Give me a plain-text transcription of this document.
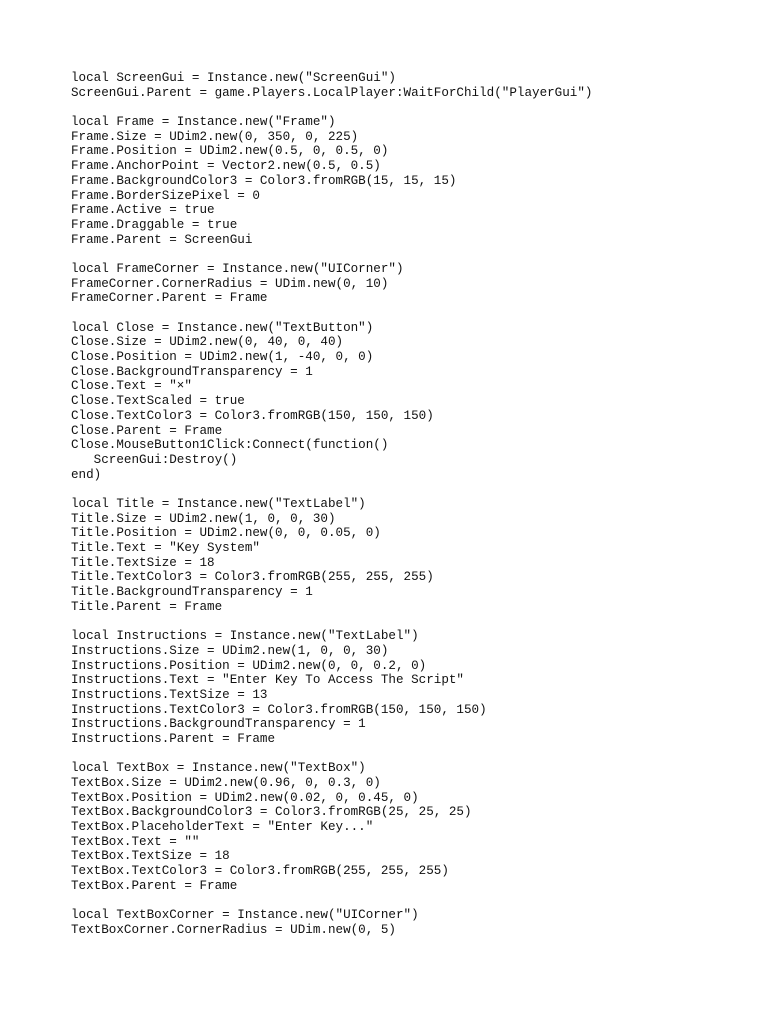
local ScreenGui = Instance.new("ScreenGui")
ScreenGui.Parent = game.Players.LocalPlayer:WaitForChild("PlayerGui")
local Frame = Instance.new("Frame")
Frame.Size = UDim2.new(0, 350, 0, 225)
Frame.Position = UDim2.new(0.5, 0, 0.5, 0)
Frame.AnchorPoint = Vector2.new(0.5, 0.5)
Frame.BackgroundColor3 = Color3.fromRGB(15, 15, 15)
Frame.BorderSizePixel = 0
Frame.Active = true
Frame.Draggable = true
Frame.Parent = ScreenGui
local FrameCorner = Instance.new("UICorner")
FrameCorner.CornerRadius = UDim.new(0, 10)
FrameCorner.Parent = Frame
local Close = Instance.new("TextButton")
Close.Size = UDim2.new(0, 40, 0, 40)
Close.Position = UDim2.new(1, -40, 0, 0)
Close.BackgroundTransparency = 1
Close.Text = "×"
Close.TextScaled = true
Close.TextColor3 = Color3.fromRGB(150, 150, 150)
Close.Parent = Frame
Close.MouseButton1Click:Connect(function()
ScreenGui:Destroy()
end)
local Title = Instance.new("TextLabel")
Title.Size = UDim2.new(1, 0, 0, 30)
Title.Position = UDim2.new(0, 0, 0.05, 0)
Title.Text = "Key System"
Title.TextSize = 18
Title.TextColor3 = Color3.fromRGB(255, 255, 255)
Title.BackgroundTransparency = 1
Title.Parent = Frame
local Instructions = Instance.new("TextLabel")
Instructions.Size = UDim2.new(1, 0, 0, 30)
Instructions.Position = UDim2.new(0, 0, 0.2, 0)
Instructions.Text = "Enter Key To Access The Script"
Instructions.TextSize = 13
Instructions.TextColor3 = Color3.fromRGB(150, 150, 150)
Instructions.BackgroundTransparency = 1
Instructions.Parent = Frame
local TextBox = Instance.new("TextBox")
TextBox.Size = UDim2.new(0.96, 0, 0.3, 0)
TextBox.Position = UDim2.new(0.02, 0, 0.45, 0)
TextBox.BackgroundColor3 = Color3.fromRGB(25, 25, 25)
TextBox.PlaceholderText = "Enter Key..."
TextBox.Text = ""
TextBox.TextSize = 18
TextBox.TextColor3 = Color3.fromRGB(255, 255, 255)
TextBox.Parent = Frame
local TextBoxCorner = Instance.new("UICorner")
TextBoxCorner.CornerRadius = UDim.new(0, 5)
